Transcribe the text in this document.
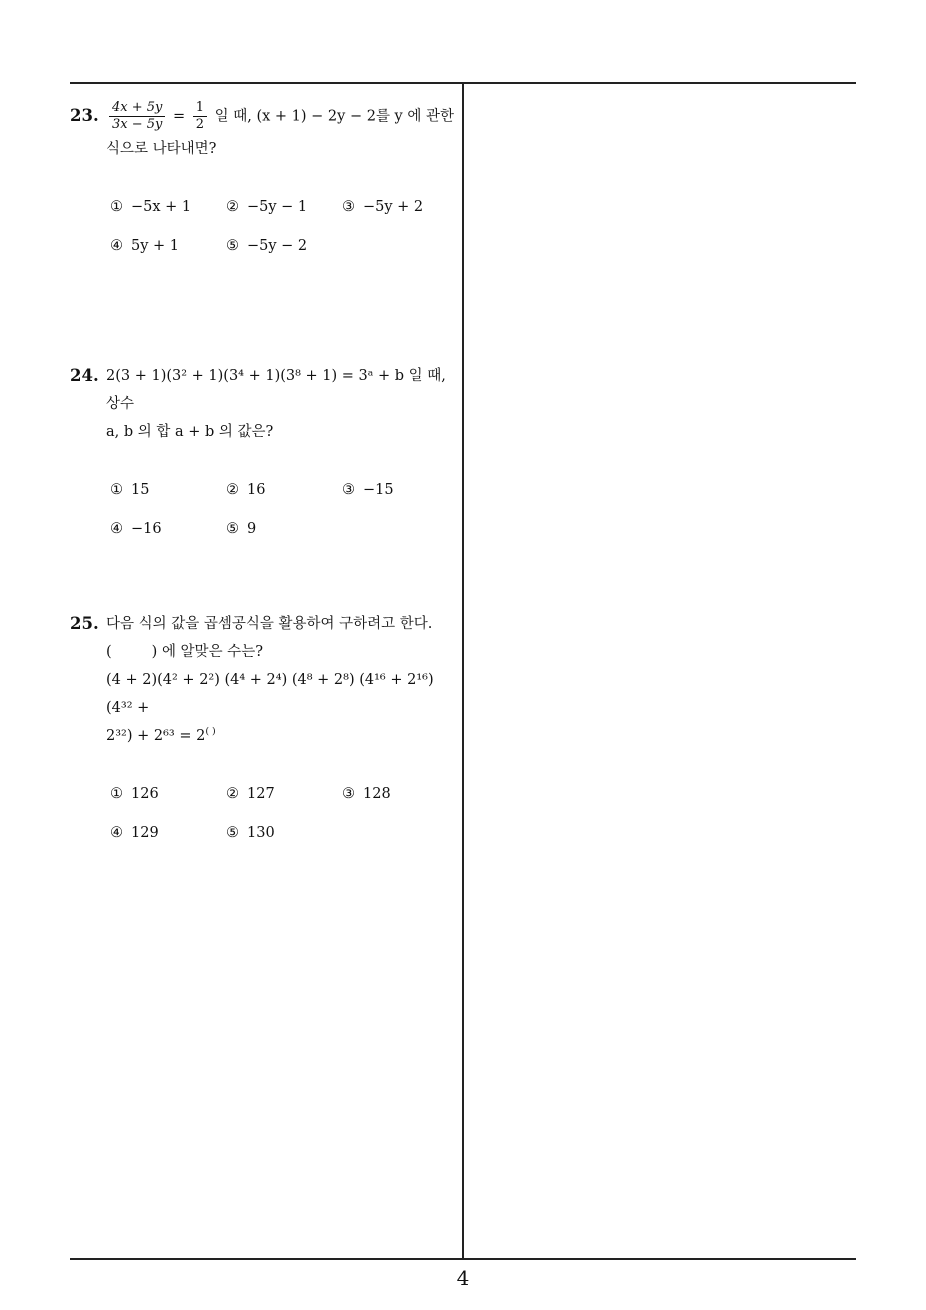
23. $\frac{4x + 5y}{3x - 5y} = \frac{1}{2}$ 일 때, (x + 1) − 2y − 2를 y 에 관한
식으로 나타내면?
① −5x + 1 ② −5y − 1 ③ −5y + 2
④ 5y + 1	⑤ −5y − 2
24. 2(3 + 1)(3² + 1)(3⁴ + 1)(3⁸ + 1) = 3ᵃ + b 일 때, 상수
a, b 의 합 a + b 의 값은?
① 15	② 16	③ −15
④ −16	⑤ 9
25. 다음 식의 값을 곱셈공식을 활용하여 구하려고 한다.
(	) 에 알맞은 수는?
(4 + 2)(4² + 2²) (4⁴ + 2⁴) (4⁸ + 2⁸) (4¹⁶ + 2¹⁶) (4³² +
2³²) + 2⁶³ = 2( )
① 126	② 127	③ 128
④ 129	⑤ 130
4
